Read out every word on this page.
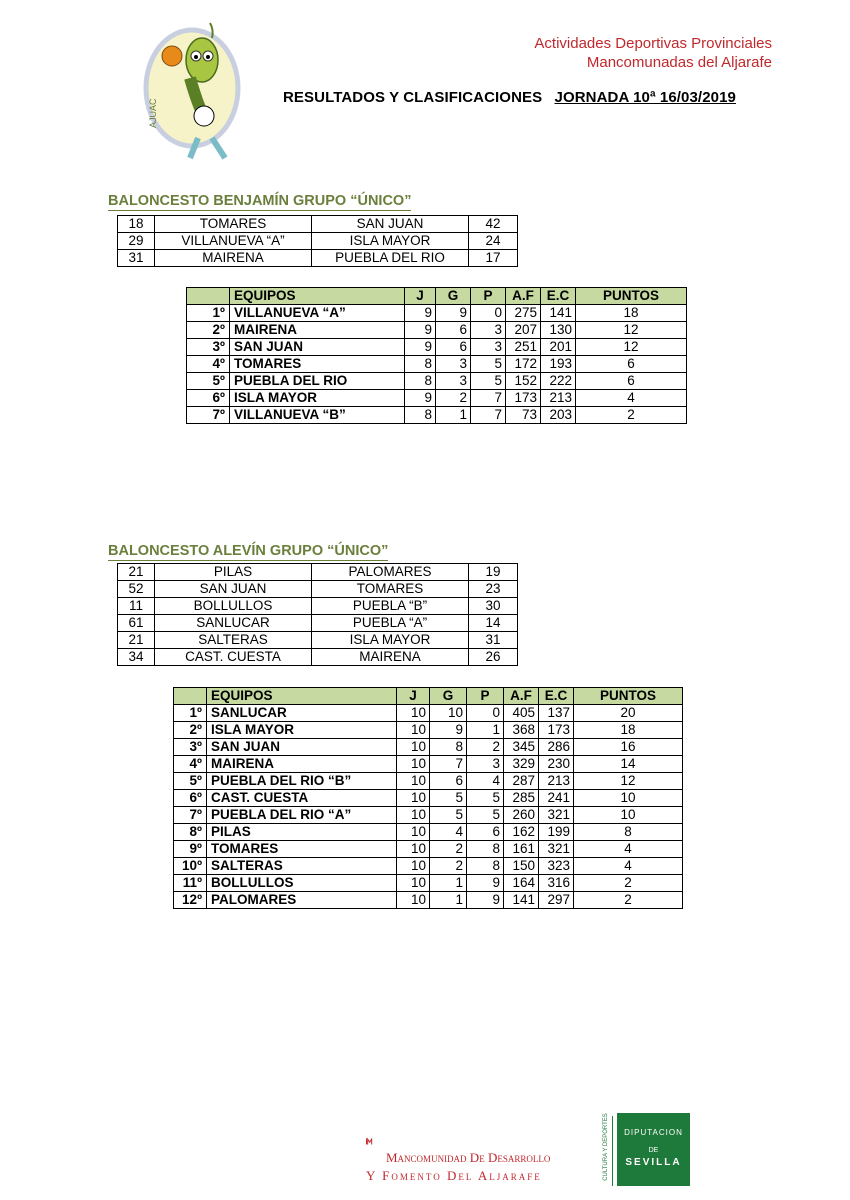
AJUAC
Actividades Deportivas Provinciales
Mancomunadas del Aljarafe
RESULTADOS Y CLASIFICACIONES JORNADA 10ª 16/03/2019
BALONCESTO BENJAMÍN GRUPO “ÚNICO”
18	TOMARES	SAN JUAN	42
29	VILLANUEVA “A”	ISLA MAYOR	24
31	MAIRENA	PUEBLA DEL RIO	17
	EQUIPOS	J	G	P	A.F	E.C	PUNTOS
1º	VILLANUEVA “A”	9	9	0	275	141	18
2º	MAIRENA	9	6	3	207	130	12
3º	SAN JUAN	9	6	3	251	201	12
4º	TOMARES	8	3	5	172	193	6
5º	PUEBLA DEL RIO	8	3	5	152	222	6
6º	ISLA MAYOR	9	2	7	173	213	4
7º	VILLANUEVA “B”	8	1	7	73	203	2
BALONCESTO ALEVÍN GRUPO “ÚNICO”
21	PILAS	PALOMARES	19
52	SAN JUAN	TOMARES	23
11	BOLLULLOS	PUEBLA “B”	30
61	SANLUCAR	PUEBLA “A”	14
21	SALTERAS	ISLA MAYOR	31
34	CAST. CUESTA	MAIRENA	26
	EQUIPOS	J	G	P	A.F	E.C	PUNTOS
1º	SANLUCAR	10	10	0	405	137	20
2º	ISLA MAYOR	10	9	1	368	173	18
3º	SAN JUAN	10	8	2	345	286	16
4º	MAIRENA	10	7	3	329	230	14
5º	PUEBLA DEL RIO “B”	10	6	4	287	213	12
6º	CAST. CUESTA	10	5	5	285	241	10
7º	PUEBLA DEL RIO “A”	10	5	5	260	321	10
8º	PILAS	10	4	6	162	199	8
9º	TOMARES	10	2	8	161	321	4
10º	SALTERAS	10	2	8	150	323	4
11º	BOLLULLOS	10	1	9	164	316	2
12º	PALOMARES	10	1	9	141	297	2
Mancomunidad De Desarrollo
Y Fomento Del Aljarafe	CULTURA Y DEPORTES	DIPUTACION
DE
SEVILLA
